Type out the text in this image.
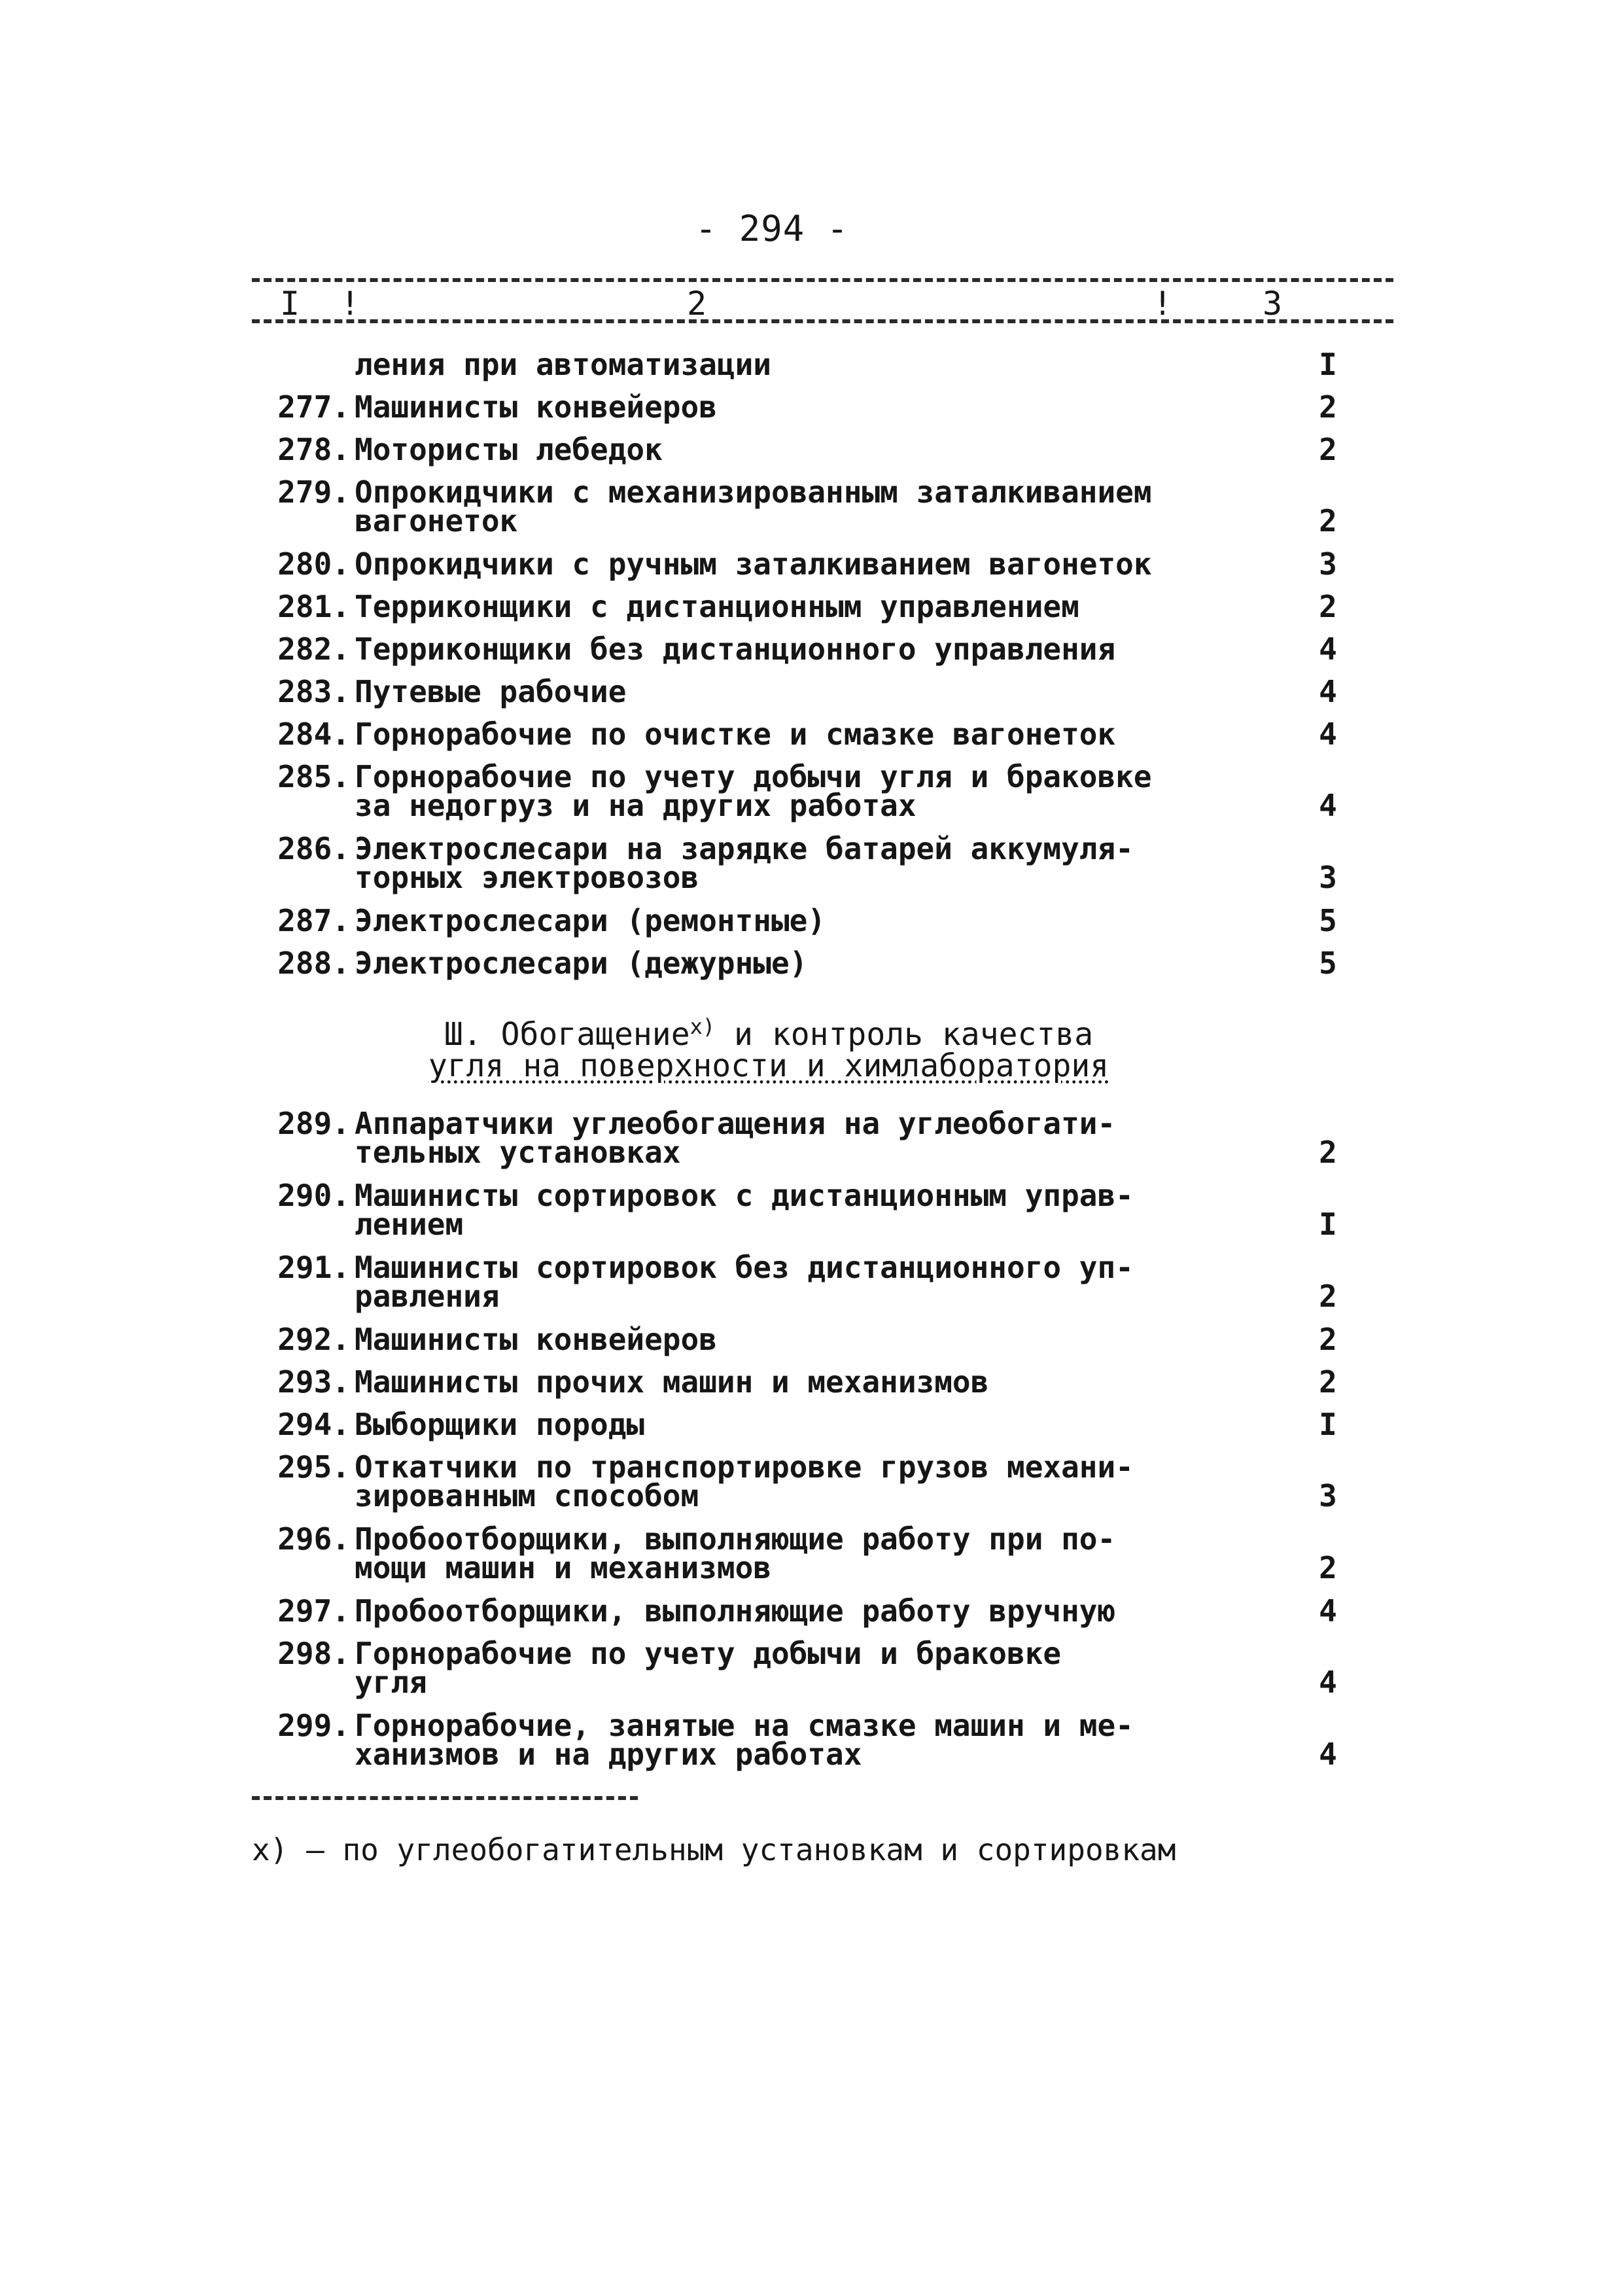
- 294 -
I !	2	!	3
ления при автоматизации	I
277. Машинисты конвейеров	2
278. Мотористы лебедок	2
279. Опрокидчики с механизированным заталкиванием
вагонеток	2
280. Опрокидчики с ручным заталкиванием вагонеток	3
281. Терриконщики с дистанционным управлением	2
282. Терриконщики без дистанционного управления	4
283. Путевые рабочие	4
284. Горнорабочие по очистке и смазке вагонеток	4
285. Горнорабочие по учету добычи угля и браковке
за недогруз и на других работах	4
286. Электрослесари на зарядке батарей аккумуля-
торных электровозов	3
287. Электрослесари (ремонтные)	5
288. Электрослесари (дежурные)	5
Ш. Обогащение$^{х)}$ и контроль качества
угля на поверхности и химлаборатория
289. Аппаратчики углеобогащения на углеобогати-
тельных установках	2
290. Машинисты сортировок с дистанционным управ-
лением	I
291. Машинисты сортировок без дистанционного уп-
равления	2
292. Машинисты конвейеров	2
293. Машинисты прочих машин и механизмов	2
294. Выборщики породы	I
295. Откатчики по транспортировке грузов механи-
зированным способом	3
296. Пробоотборщики, выполняющие работу при по-
мощи машин и механизмов	2
297. Пробоотборщики, выполняющие работу вручную	4
298. Горнорабочие по учету добычи и браковке
угля	4
299. Горнорабочие, занятые на смазке машин и ме-
ханизмов и на других работах	4
х) – по углеобогатительным установкам и сортировкам
